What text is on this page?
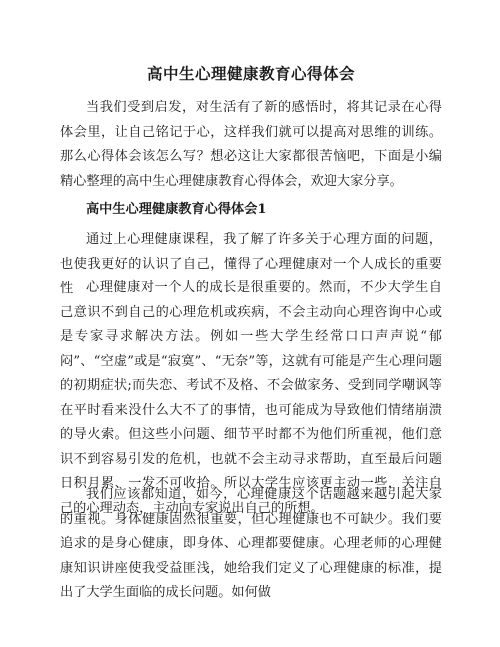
高中生心理健康教育心得体会

当我们受到启发，对生活有了新的感悟时，将其记录在心得体会里，让自己铭记于心，这样我们就可以提高对思维的训练。那么心得体会该怎么写？想必这让大家都很苦恼吧，下面是小编精心整理的高中生心理健康教育心得体会，欢迎大家分享。

高中生心理健康教育心得体会1

通过上心理健康课程，我了解了许多关于心理方面的问题，也使我更好的认识了自己，懂得了心理健康对一个人成长的重要性 心理健康对一个人的成长是很重要的。然而，不少大学生自己意识不到自己的心理危机或疾病，不会主动向心理咨询中心或是专家寻求解决方法。例如一些大学生经常口口声声说“郁闷”、“空虚”或是“寂寞”、“无奈”等，这就有可能是产生心理问题的初期症状;而失恋、考试不及格、不会做家务、受到同学嘲讽等在平时看来没什么大不了的事情，也可能成为导致他们情绪崩溃的导火索。但这些小问题、细节平时都不为他们所重视，他们意识不到容易引发的危机，也就不会主动寻求帮助，直至最后问题日积月累、一发不可收拾。所以大学生应该更主动一些，关注自己的心理动态，主动向专家说出自己的所想。

我们应该都知道，如今，心理健康这个话题越来越引起大家的重视。身体健康固然很重要，但心理健康也不可缺少。我们要追求的是身心健康，即身体、心理都要健康。心理老师的心理健康知识讲座使我受益匪浅，她给我们定义了心理健康的标准，提出了大学生面临的成长问题。如何做
